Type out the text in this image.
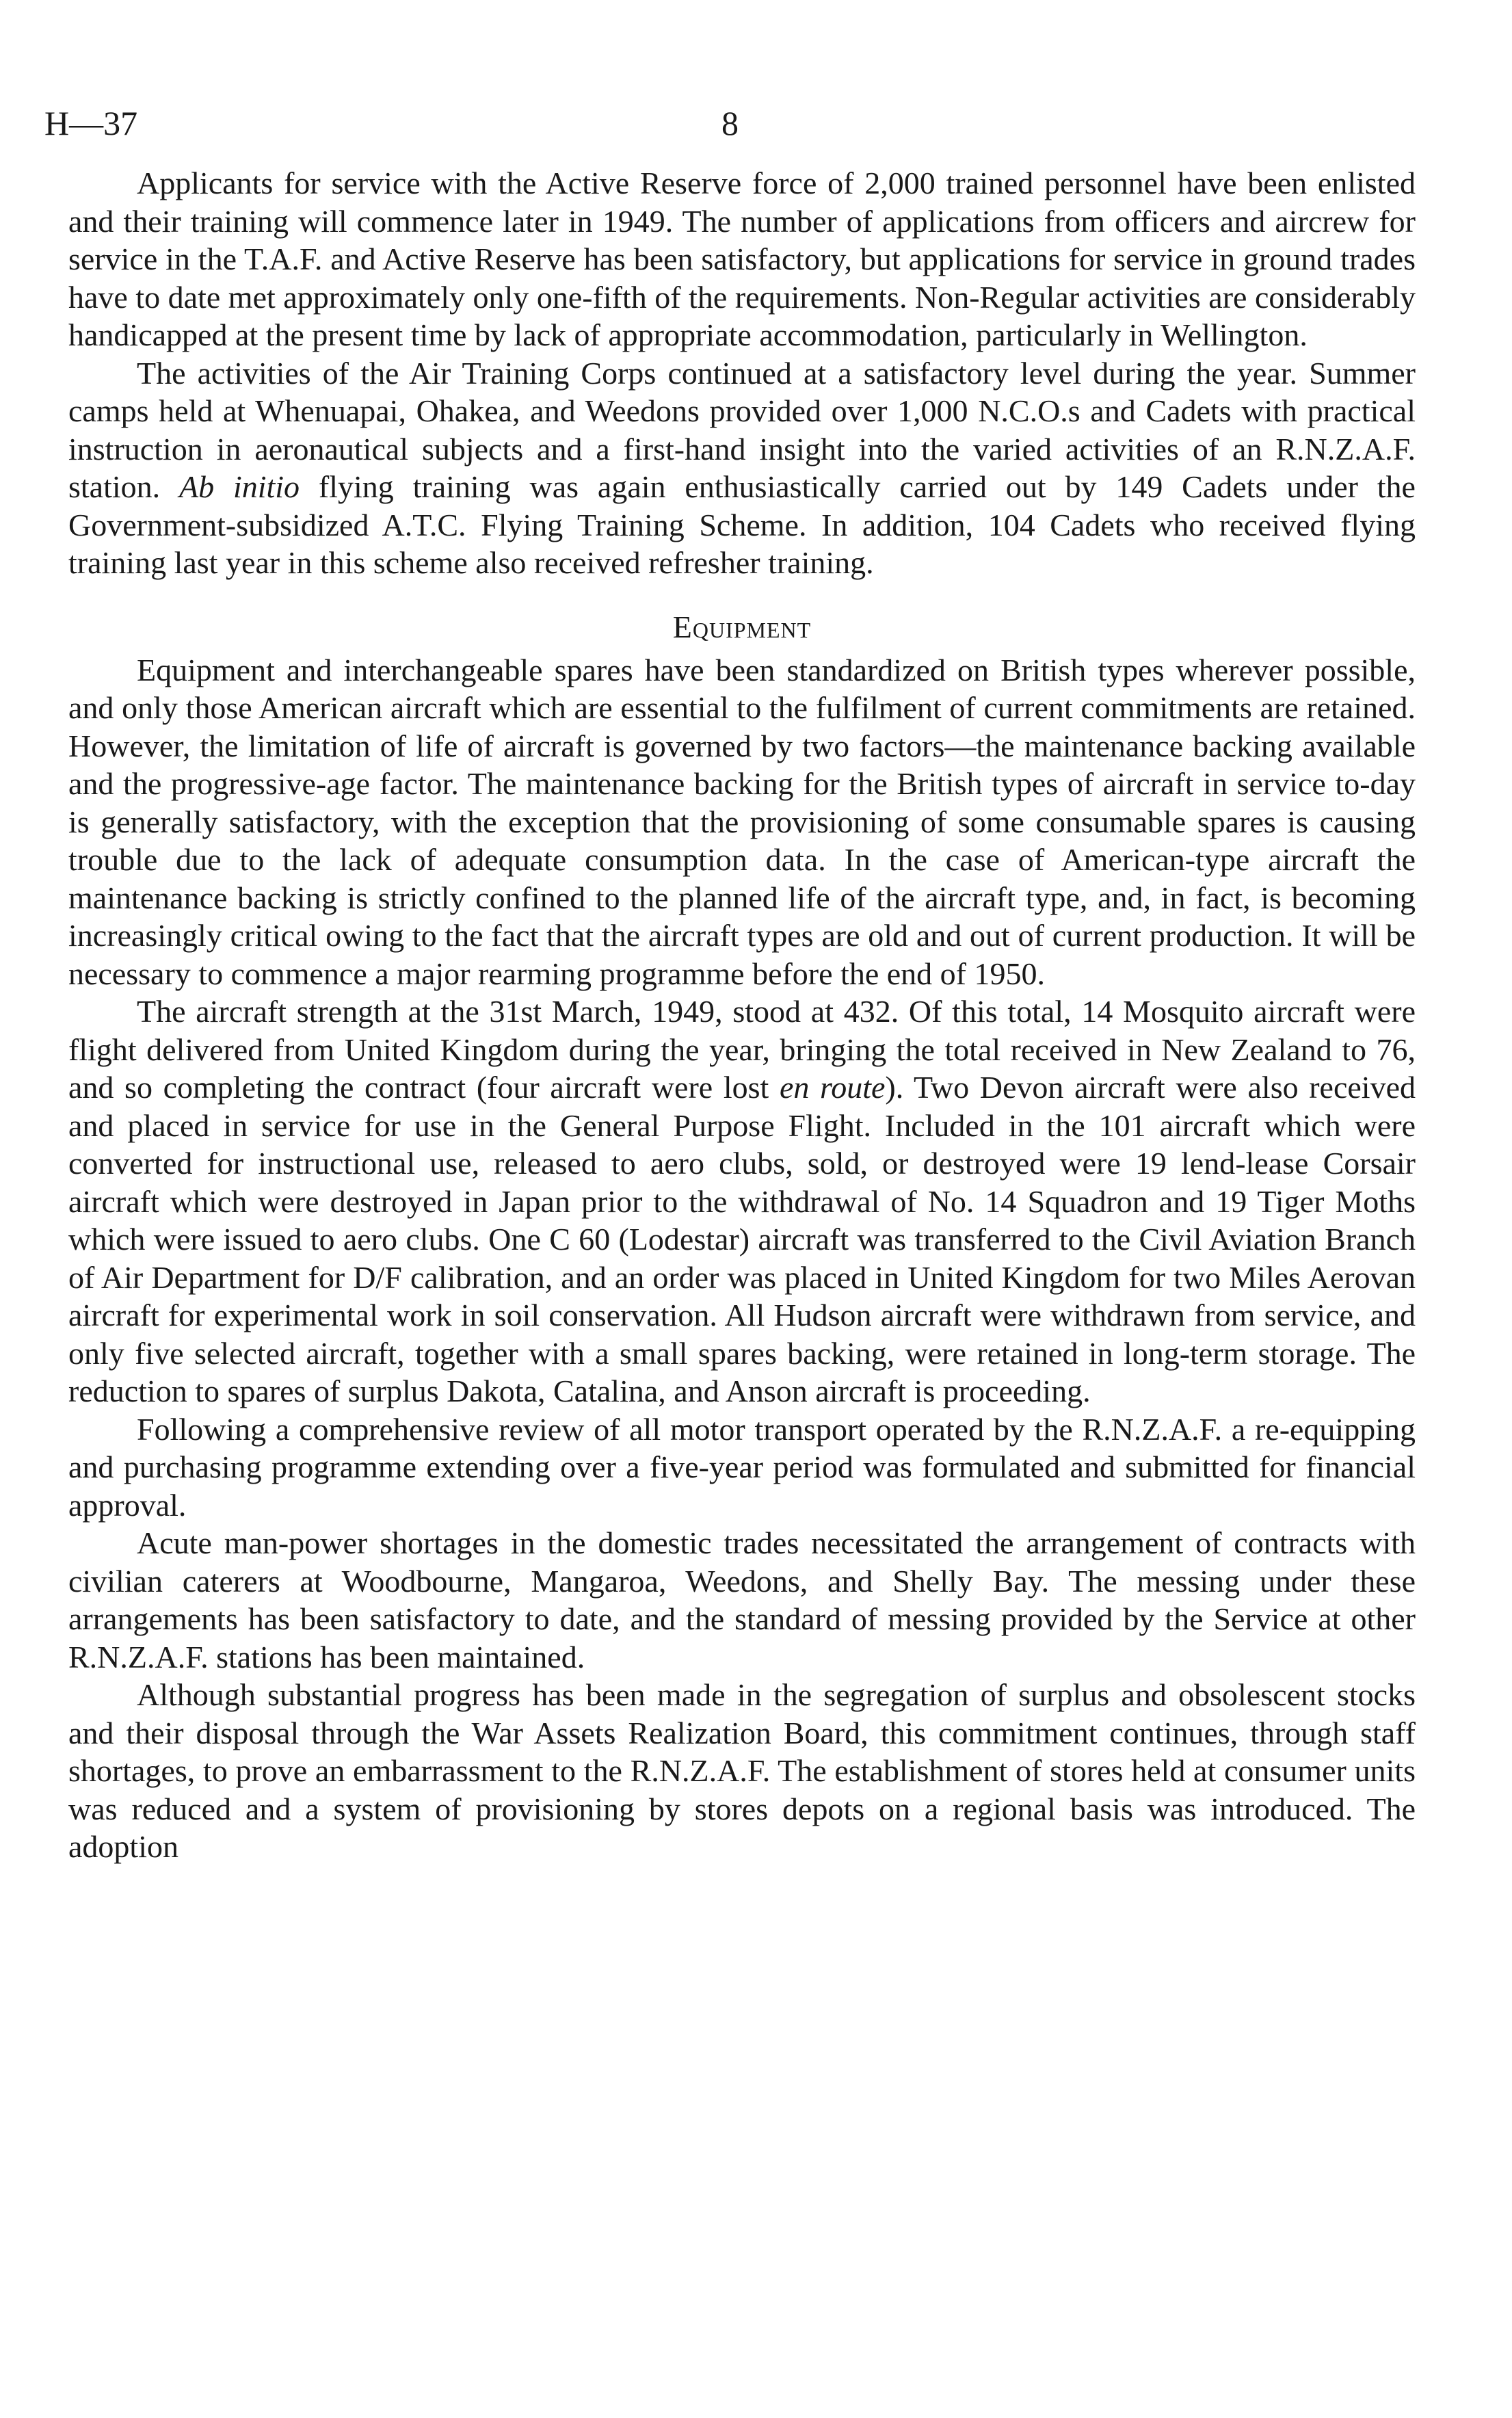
H—37	8

Applicants for service with the Active Reserve force of 2,000 trained personnel have been enlisted and their training will commence later in 1949. The number of applications from officers and aircrew for service in the T.A.F. and Active Reserve has been satisfactory, but applications for service in ground trades have to date met approximately only one-fifth of the requirements. Non-Regular activities are considerably handicapped at the present time by lack of appropriate accommodation, particularly in Wellington.

The activities of the Air Training Corps continued at a satisfactory level during the year. Summer camps held at Whenuapai, Ohakea, and Weedons provided over 1,000 N.C.O.s and Cadets with practical instruction in aeronautical subjects and a first-hand insight into the varied activities of an R.N.Z.A.F. station. Ab initio flying training was again enthusiastically carried out by 149 Cadets under the Government-subsidized A.T.C. Flying Training Scheme. In addition, 104 Cadets who received flying training last year in this scheme also received refresher training.

Equipment

Equipment and interchangeable spares have been standardized on British types wherever possible, and only those American aircraft which are essential to the fulfilment of current commitments are retained. However, the limitation of life of aircraft is governed by two factors—the maintenance backing available and the progressive-age factor. The maintenance backing for the British types of aircraft in service to-day is generally satisfactory, with the exception that the provisioning of some consumable spares is causing trouble due to the lack of adequate consumption data. In the case of American-type aircraft the maintenance backing is strictly confined to the planned life of the aircraft type, and, in fact, is becoming increasingly critical owing to the fact that the aircraft types are old and out of current production. It will be necessary to commence a major rearming programme before the end of 1950.

The aircraft strength at the 31st March, 1949, stood at 432. Of this total, 14 Mosquito aircraft were flight delivered from United Kingdom during the year, bringing the total received in New Zealand to 76, and so completing the contract (four aircraft were lost en route). Two Devon aircraft were also received and placed in service for use in the General Purpose Flight. Included in the 101 aircraft which were converted for instructional use, released to aero clubs, sold, or destroyed were 19 lend-lease Corsair aircraft which were destroyed in Japan prior to the withdrawal of No. 14 Squadron and 19 Tiger Moths which were issued to aero clubs. One C 60 (Lodestar) aircraft was transferred to the Civil Aviation Branch of Air Department for D/F calibration, and an order was placed in United Kingdom for two Miles Aerovan aircraft for experimental work in soil conservation. All Hudson aircraft were withdrawn from service, and only five selected aircraft, together with a small spares backing, were retained in long-term storage. The reduction to spares of surplus Dakota, Catalina, and Anson aircraft is proceeding.

Following a comprehensive review of all motor transport operated by the R.N.Z.A.F. a re-equipping and purchasing programme extending over a five-year period was formulated and submitted for financial approval.

Acute man-power shortages in the domestic trades necessitated the arrangement of contracts with civilian caterers at Woodbourne, Mangaroa, Weedons, and Shelly Bay. The messing under these arrangements has been satisfactory to date, and the standard of messing provided by the Service at other R.N.Z.A.F. stations has been maintained.

Although substantial progress has been made in the segregation of surplus and obsolescent stocks and their disposal through the War Assets Realization Board, this commitment continues, through staff shortages, to prove an embarrassment to the R.N.Z.A.F. The establishment of stores held at consumer units was reduced and a system of provisioning by stores depots on a regional basis was introduced. The adoption
